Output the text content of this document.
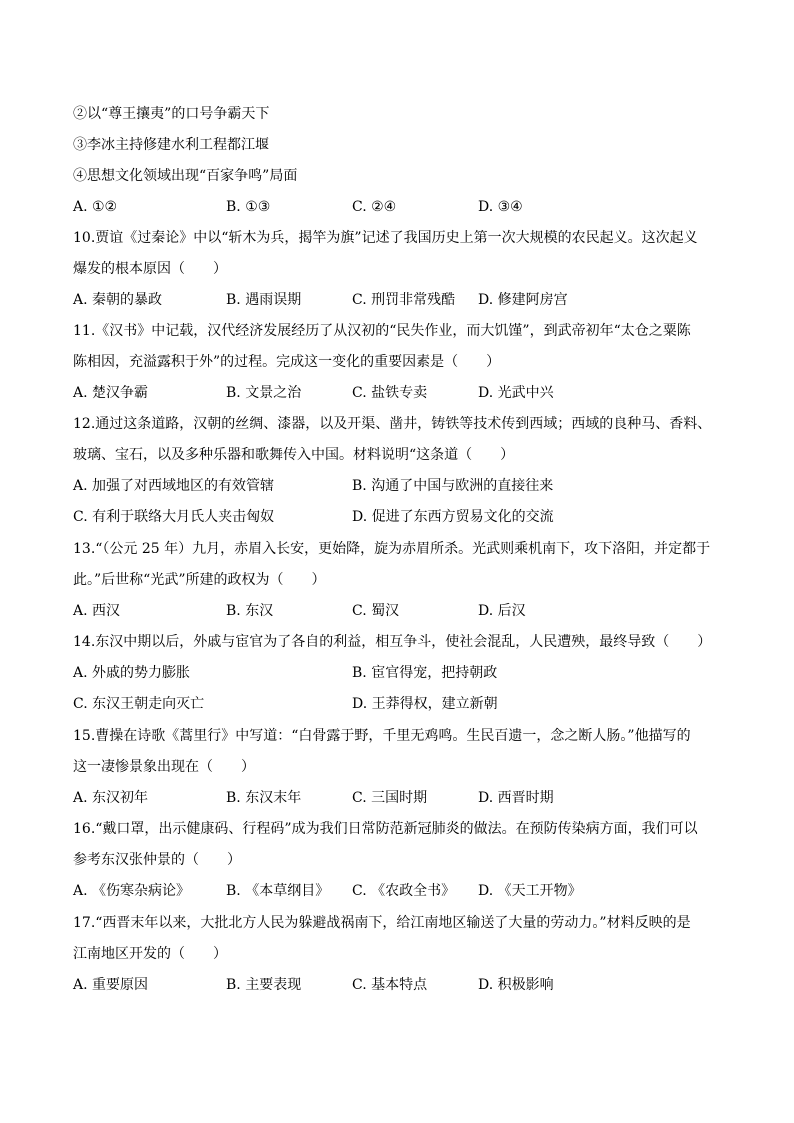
②以“尊王攘夷”的口号争霸天下
③李冰主持修建水利工程都江堰
④思想文化领域出现“百家争鸣”局面
A. ①②	B. ①③	C. ②④	D. ③④
10.贾谊《过秦论》中以“斩木为兵，揭竿为旗”记述了我国历史上第一次大规模的农民起义。这次起义
爆发的根本原因（　　）
A. 秦朝的暴政	B. 遇雨误期	C. 刑罚非常残酷 D. 修建阿房宫
11.《汉书》中记载，汉代经济发展经历了从汉初的“民失作业，而大饥馑”，到武帝初年“太仓之粟陈
陈相因，充溢露积于外”的过程。完成这一变化的重要因素是（　　）
A. 楚汉争霸	B. 文景之治	C. 盐铁专卖	D. 光武中兴
12.通过这条道路，汉朝的丝绸、漆器，以及开渠、凿井，铸铁等技术传到西域；西域的良种马、香料、
玻璃、宝石，以及多种乐器和歌舞传入中国。材料说明“这条道（　　）
A. 加强了对西域地区的有效管辖	B. 沟通了中国与欧洲的直接往来
C. 有利于联络大月氏人夹击匈奴	D. 促进了东西方贸易文化的交流
13.“（公元 25 年）九月，赤眉入长安，更始降，旋为赤眉所杀。光武则乘机南下，攻下洛阳，并定都于
此。”后世称“光武”所建的政权为（　　）
A. 西汉	B. 东汉	C. 蜀汉	D. 后汉
14.东汉中期以后，外戚与宦官为了各自的利益，相互争斗，使社会混乱，人民遭殃，最终导致（　　）
A. 外戚的势力膨胀	B. 宦官得宠，把持朝政
C. 东汉王朝走向灭亡	D. 王莽得权，建立新朝
15.曹操在诗歌《蒿里行》中写道：“白骨露于野，千里无鸡鸣。生民百遗一，念之断人肠。”他描写的
这一凄惨景象出现在（　　）
A. 东汉初年	B. 东汉末年	C. 三国时期	D. 西晋时期
16.“戴口罩，出示健康码、行程码”成为我们日常防范新冠肺炎的做法。在预防传染病方面，我们可以
参考东汉张仲景的（　　）
A. 《伤寒杂病论》	B. 《本草纲目》 C. 《农政全书》 D. 《天工开物》
17.“西晋末年以来，大批北方人民为躲避战祸南下，给江南地区输送了大量的劳动力。”材料反映的是
江南地区开发的（　　）
A. 重要原因	B. 主要表现	C. 基本特点	D. 积极影响
